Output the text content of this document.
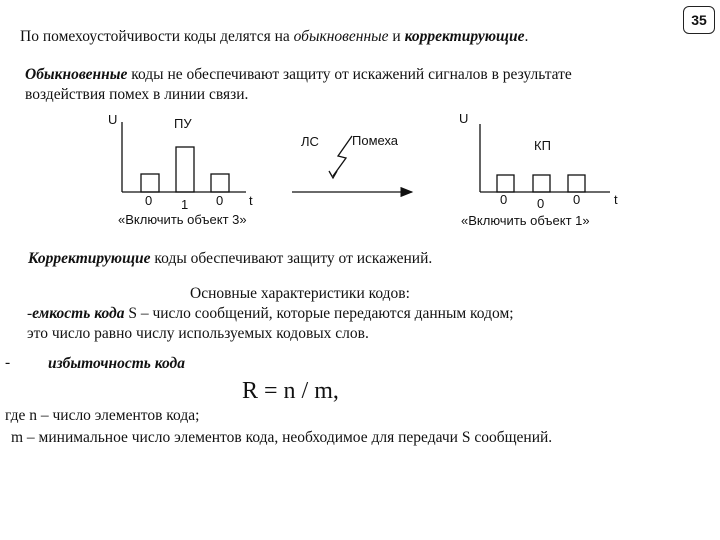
35
По помехоустойчивости коды делятся на обыкновенные и корректирующие.
Обыкновенные коды не обеспечивают защиту от искажений сигналов в результате
воздействия помех в линии связи.
U	ПУ
0 1 0 t
«Включить объект 3»
ЛС	Помеха
U
КП
0 0 0	t
«Включить объект 1»
Корректирующие коды обеспечивают защиту от искажений.
Основные характеристики кодов:
-емкость кода S – число сообщений, которые передаются данным кодом;
это число равно числу используемых кодовых слов.
- избыточность кода
R = n / m,
где n – число элементов кода;
m – минимальное число элементов кода, необходимое для передачи S сообщений.
